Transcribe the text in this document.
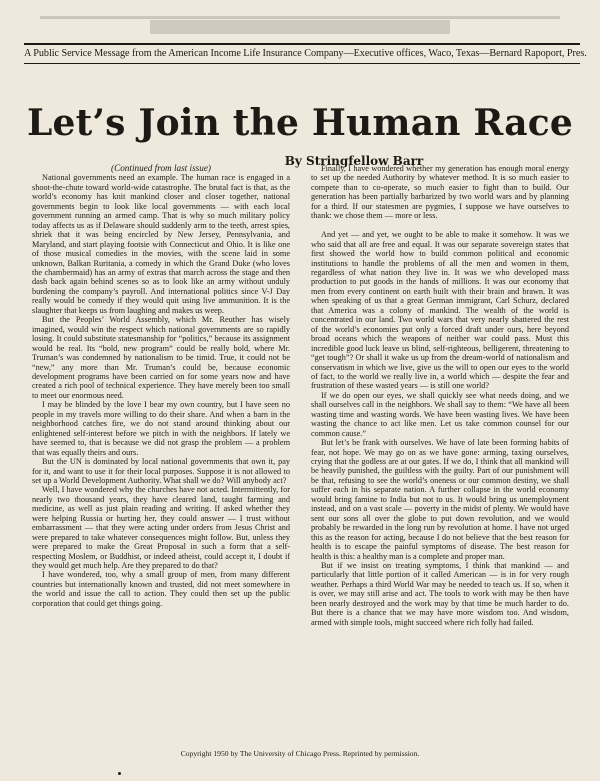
A Public Service Message from the American Income Life Insurance Company—Executive offices, Waco, Texas—Bernard Rapoport, Pres.
Let’s Join the Human Race
By Stringfellow Barr

(Continued from last issue)

National governments need an example. The human race is engaged in a shoot-the-chute toward world-wide catastrophe. The brutal fact is that, as the world’s economy has knit mankind closer and closer together, national governments begin to look like local governments — with each local government running an armed camp. That is why so much military policy today affects us as if Delaware should suddenly arm to the teeth, arrest spies, shriek that it was being encircled by New Jersey, Pennsylvania, and Maryland, and start playing footsie with Connecticut and Ohio. It is like one of those musical comedies in the movies, with the scene laid in some unknown, Balkan Ruritania, a comedy in which the Grand Duke (who loves the chambermaid) has an army of extras that march across the stage and then dash back again behind scenes so as to look like an army without unduly burdening the company’s payroll. And international politics since V-J Day really would be comedy if they would quit using live ammunition. It is the slaughter that keeps us from laughing and makes us weep.

But the Peoples’ World Assembly, which Mr. Reuther has wisely imagined, would win the respect which national governments are so rapidly losing. It could substitute statesmanship for “politics,” because its assignment would be real. Its “bold, new program” could be really bold, where Mr. Truman’s was condemned by nationalism to be timid. True, it could not be “new,” any more than Mr. Truman’s could be, because economic development programs have been carried on for some years now and have created a rich pool of technical experience. They have merely been too small to meet our enormous need.

I may be blinded by the love I bear my own country, but I have seen no people in my travels more willing to do their share. And when a barn in the neighborhood catches fire, we do not stand around thinking about our enlightened self-interest before we pitch in with the neighbors. If lately we have seemed to, that is because we did not grasp the problem — a problem that was equally theirs and ours.

But the UN is dominated by local national governments that own it, pay for it, and want to use it for their local purposes. Suppose it is not allowed to set up a World Development Authority. What shall we do? Will anybody act?

Well, I have wondered why the churches have not acted. Intermittently, for nearly two thousand years, they have cleared land, taught farming and medicine, as well as just plain reading and writing. If asked whether they were helping Russia or hurting her, they could answer — I trust without embarrassment — that they were acting under orders from Jesus Christ and were prepared to take whatever consequences might follow. But, unless they were prepared to make the Great Proposal in such a form that a self-respecting Moslem, or Buddhist, or indeed atheist, could accept it, I doubt if they would get much help. Are they prepared to do that?

I have wondered, too, why a small group of men, from many different countries but internationally known and trusted, did not meet somewhere in the world and issue the call to action. They could then set up the public corporation that could get things going.

Finally, I have wondered whether my generation has enough moral energy to set up the needed Authority by whatever method. It is so much easier to compete than to co-operate, so much easier to fight than to build. Our generation has been partially barbarized by two world wars and by planning for a third. If our statesmen are pygmies, I suppose we have ourselves to thank: we chose them — more or less.

And yet — and yet, we ought to be able to make it somehow. It was we who said that all are free and equal. It was our separate sovereign states that first showed the world how to build common political and economic institutions to handle the problems of all the men and women in them, regardless of what nation they live in. It was we who developed mass production to put goods in the hands of millions. It was our economy that men from every continent on earth built with their brain and brawn. It was when speaking of us that a great German immigrant, Carl Schurz, declared that America was a colony of mankind. The wealth of the world is concentrated in our land. Two world wars that very nearly shattered the rest of the world’s economies put only a forced draft under ours, here beyond broad oceans which the weapons of neither war could pass. Must this incredible good luck leave us blind, self-righteous, belligerent, threatening to “get tough”? Or shall it wake us up from the dream-world of nationalism and conservatism in which we live, give us the will to open our eyes to the world of fact, to the world we really live in, a world which — despite the fear and frustration of these wasted years — is still one world?

If we do open our eyes, we shall quickly see what needs doing, and we shall ourselves call in the neighbors. We shall say to them: “We have all been wasting time and wasting words. We have been wasting lives. We have been wasting the chance to act like men. Let us take common counsel for our common cause.”

But let’s be frank with ourselves. We have of late been forming habits of fear, not hope. We may go on as we have gone: arming, taxing ourselves, crying that the godless are at our gates. If we do, I think that all mankind will be heavily punished, the guiltless with the guilty. Part of our punishment will be that, refusing to see the world’s oneness or our common destiny, we shall suffer each in his separate nation. A further collapse in the world economy would bring famine to India but not to us. It would bring us unemployment instead, and on a vast scale — poverty in the midst of plenty. We would have sent our sons all over the globe to put down revolution, and we would probably be rewarded in the long run by revolution at home. I have not urged this as the reason for acting, because I do not believe that the best reason for health is to escape the painful symptoms of disease. The best reason for health is this: a healthy man is a complete and proper man.

But if we insist on treating symptoms, I think that mankind — and particularly that little portion of it called American — is in for very rough weather. Perhaps a third World War may be needed to teach us. If so, when it is over, we may still arise and act. The tools to work with may be then have been nearly destroyed and the work may by that time be much harder to do. But there is a chance that we may have more wisdom too. And wisdom, armed with simple tools, might succeed where rich folly had failed.

Copyright 1950 by The University of Chicago Press. Reprinted by permission.
